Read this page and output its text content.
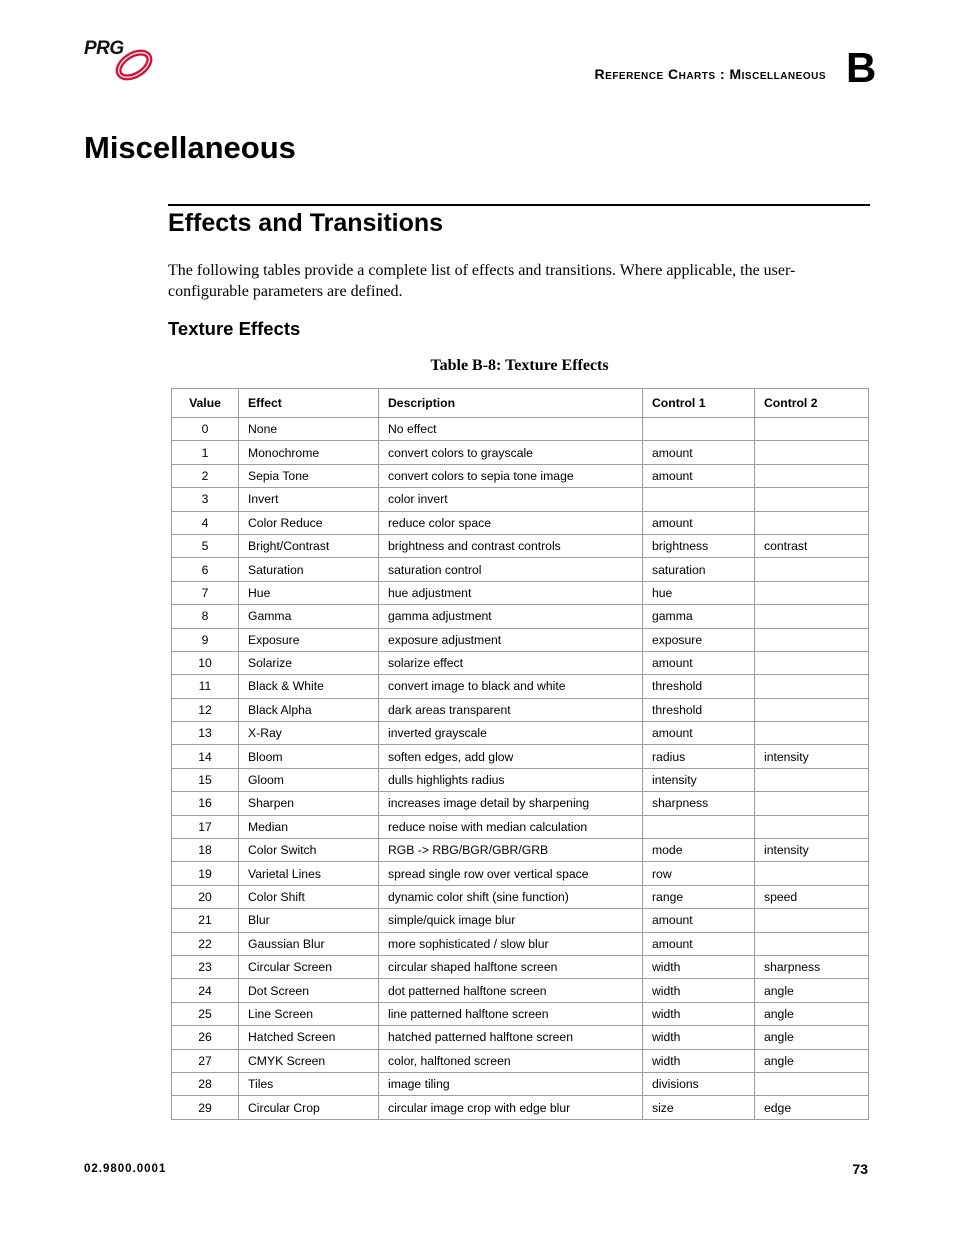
PRG
Reference Charts : Miscellaneous B
Miscellaneous
Effects and Transitions

The following tables provide a complete list of effects and transitions. Where applicable, the user-configurable parameters are defined.

Texture Effects
Table B-8: Texture Effects
Value	Effect	Description	Control 1	Control 2
0	None	No effect		
1	Monochrome	convert colors to grayscale	amount	
2	Sepia Tone	convert colors to sepia tone image	amount	
3	Invert	color invert		
4	Color Reduce	reduce color space	amount	
5	Bright/Contrast	brightness and contrast controls	brightness	contrast
6	Saturation	saturation control	saturation	
7	Hue	hue adjustment	hue	
8	Gamma	gamma adjustment	gamma	
9	Exposure	exposure adjustment	exposure	
10	Solarize	solarize effect	amount	
11	Black & White	convert image to black and white	threshold	
12	Black Alpha	dark areas transparent	threshold	
13	X-Ray	inverted grayscale	amount	
14	Bloom	soften edges, add glow	radius	intensity
15	Gloom	dulls highlights radius	intensity	
16	Sharpen	increases image detail by sharpening	sharpness	
17	Median	reduce noise with median calculation		
18	Color Switch	RGB -> RBG/BGR/GBR/GRB	mode	intensity
19	Varietal Lines	spread single row over vertical space	row	
20	Color Shift	dynamic color shift (sine function)	range	speed
21	Blur	simple/quick image blur	amount	
22	Gaussian Blur	more sophisticated / slow blur	amount	
23	Circular Screen	circular shaped halftone screen	width	sharpness
24	Dot Screen	dot patterned halftone screen	width	angle
25	Line Screen	line patterned halftone screen	width	angle
26	Hatched Screen	hatched patterned halftone screen	width	angle
27	CMYK Screen	color, halftoned screen	width	angle
28	Tiles	image tiling	divisions	
29	Circular Crop	circular image crop with edge blur	size	edge
02.9800.0001	73
